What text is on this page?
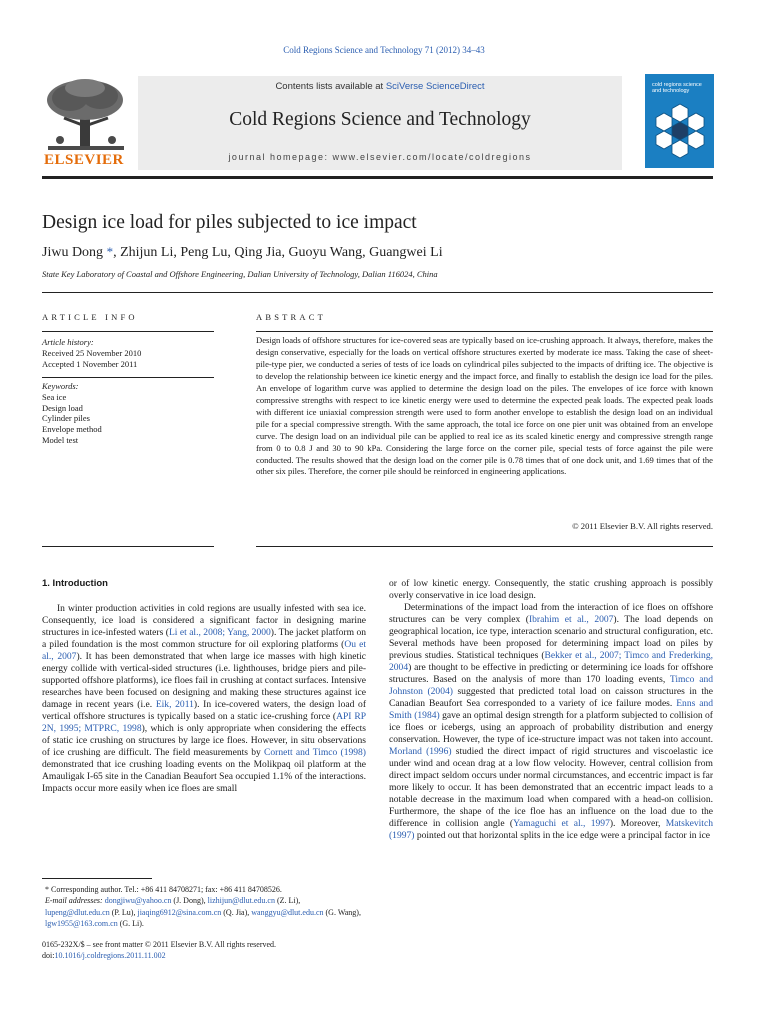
Cold Regions Science and Technology 71 (2012) 34–43
ELSEVIER
Contents lists available at SciVerse ScienceDirect
Cold Regions Science and Technology
journal homepage: www.elsevier.com/locate/coldregions
cold regions science and technology
Design ice load for piles subjected to ice impact
Jiwu Dong *, Zhijun Li, Peng Lu, Qing Jia, Guoyu Wang, Guangwei Li
State Key Laboratory of Coastal and Offshore Engineering, Dalian University of Technology, Dalian 116024, China
ARTICLE INFO
Article history:
Received 25 November 2010
Accepted 1 November 2011
Keywords:
Sea ice
Design load
Cylinder piles
Envelope method
Model test
ABSTRACT
Design loads of offshore structures for ice-covered seas are typically based on ice-crushing approach. It always, therefore, makes the design conservative, especially for the loads on vertical offshore structures exerted by moderate ice mass. Taking the case of sheet-pile-type pier, we conducted a series of tests of ice loads on cylindrical piles subjected to the impacts of drifting ice. The objective is to develop the relationship between ice kinetic energy and the impact force, and finally to establish the design ice load for the piles. An envelope of logarithm curve was applied to determine the design load on the piles. The envelopes of ice force with known compressive strengths with respect to ice kinetic energy were used to determine the expected peak loads. The expected peak loads with different ice uniaxial compression strength were used to form another envelope to establish the design load on an individual pile for a special compressive strength. With the same approach, the total ice force on one pier unit was obtained from an envelope curve. The design load on an individual pile can be applied to real ice as its scaled kinetic energy and compressive strength range from 0 to 0.8 J and 30 to 90 kPa. Considering the large force on the corner pile, special tests of force against the pile were conducted. The results showed that the design load on the corner pile is 0.78 times that of one dock unit, and 1.69 times that of the other six piles. Therefore, the corner pile should be reinforced in engineering applications.
© 2011 Elsevier B.V. All rights reserved.
1. Introduction

In winter production activities in cold regions are usually infested with sea ice. Consequently, ice load is considered a significant factor in designing marine structures in ice-infested waters (Li et al., 2008; Yang, 2000). The jacket platform on a piled foundation is the most common structure for oil exploring platforms (Ou et al., 2007). It has been demonstrated that when large ice masses with high kinetic energy collide with vertical-sided structures (i.e. lighthouses, bridge piers and pile-supported offshore platforms), ice floes fail in crushing at contact surfaces. Intensive researches have been focused on designing and making these structures against ice damage in recent years (i.e. Eik, 2011). In ice-covered waters, the design load of vertical offshore structures is typically based on a static ice-crushing force (API RP 2N, 1995; MTPRC, 1998), which is only appropriate when considering the effects of static ice crushing on structures by large ice floes. However, in situ observations of ice crushing are difficult. The field measurements by Cornett and Timco (1998) demonstrated that ice crushing loading events on the Molikpaq oil platform at the Amauligak I-65 site in the Canadian Beaufort Sea occupied 1.1% of the interactions. Impacts occur more easily when ice floes are small

or of low kinetic energy. Consequently, the static crushing approach is possibly overly conservative in ice load design.

Determinations of the impact load from the interaction of ice floes on offshore structures can be very complex (Ibrahim et al., 2007). The load depends on geographical location, ice type, interaction scenario and structural configuration, etc. Several methods have been proposed for determining impact load on piles by previous studies. Statistical techniques (Bekker et al., 2007; Timco and Frederking, 2004) are thought to be effective in predicting or determining ice loads for offshore structures. Based on the analysis of more than 170 loading events, Timco and Johnston (2004) suggested that predicted total load on caisson structures in the Canadian Beaufort Sea corresponded to a variety of ice failure modes. Enns and Smith (1984) gave an optimal design strength for a platform subjected to collision of ice floes or icebergs, using an approach of probability distribution and energy conservation. However, the type of ice-structure impact was not taken into account. Morland (1996) studied the direct impact of rigid structures and viscoelastic ice under wind and ocean drag at a low flow velocity. However, central collision from direct impact seldom occurs under normal circumstances, and eccentric impact is far more likely to occur. It has been demonstrated that an eccentric impact leads to a notable decrease in the maximum load when compared with a head-on collision. Furthermore, the shape of the ice floe has an influence on the load due to the difference in collision angle (Yamaguchi et al., 1997). Moreover, Matskevitch (1997) pointed out that horizontal splits in the ice edge were a principal factor in ice

* Corresponding author. Tel.: +86 411 84708271; fax: +86 411 84708526.
E-mail addresses: dongjiwu@yahoo.cn (J. Dong), lizhijun@dlut.edu.cn (Z. Li), lupeng@dlut.edu.cn (P. Lu), jiaqing6912@sina.com.cn (Q. Jia), wanggyu@dlut.edu.cn (G. Wang), lgw1955@163.com.cn (G. Li).
0165-232X/$ – see front matter © 2011 Elsevier B.V. All rights reserved.
doi:10.1016/j.coldregions.2011.11.002
